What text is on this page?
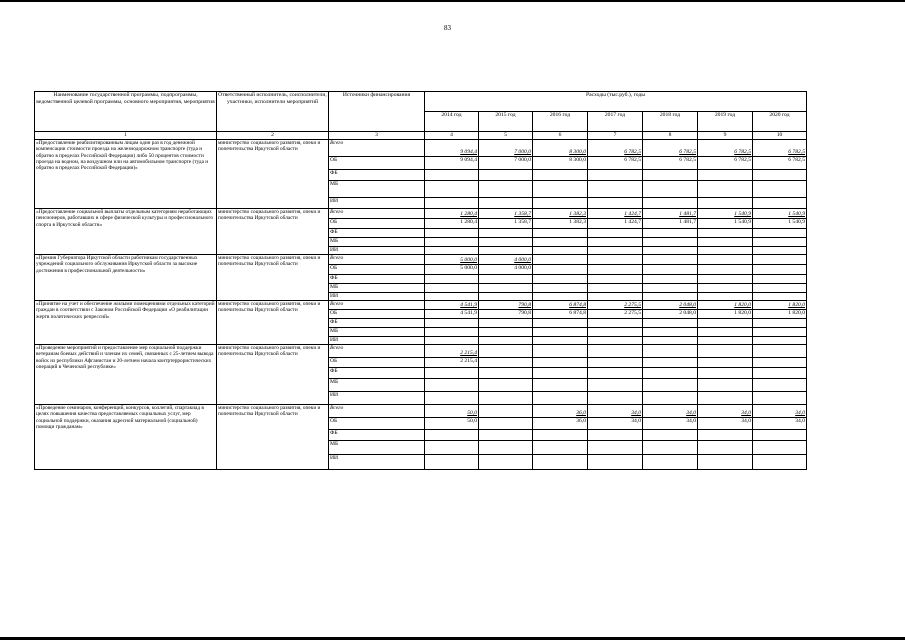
83
Наименование государственной программы, подпрограммы, ведомственной целевой программы, основного мероприятия, мероприятия	Ответственный исполнитель, соисполнители, участники, исполнители мероприятий	Источники финансирования	Расходы (тыс.руб.), годы						
			2014 год	2015 год	2016 год	2017 год	2018 год	2019 год	2020 год
1	2	3	4	5	6	7	8	9	10
«Предоставление реабилитированным лицам один раз в год денежной компенсации стоимости проезда на железнодорожном транспорте (туда и обратно в пределах Российской Федерации) либо 50 процентов стоимости проезда на водном, на воздушном или на автомобильном транспорте (туда и обратно в пределах Российской Федерации)»	министерство социального развития, опеки и попечительства Иркутской области	Всего	9 094,4	7 000,0	8 300,0	6 782,5	6 782,5	6 782,5	6 782,5
		ОБ	9 094,4	7 000,0	8 300,0	6 782,5	6 782,5	6 782,5	6 782,5
		ФБ							
		МБ							
		ИИ							
«Предоставление социальной выплаты отдельным категориям неработающих пенсионеров, работавших в сфере физической культуры и профессионального спорта в Иркутской области»	министерство социального развития, опеки и попечительства Иркутской области	Всего	1 280,4	1 358,7	1 382,3	1 424,7	1 481,7	1 540,9	1 540,9
		ОБ	1 280,4	1 358,7	1 382,3	1 424,7	1 481,7	1 540,9	1 540,9
		ФБ							
		МБ							
		ИИ							
«Премия Губернатора Иркутской области работникам государственных учреждений социального обслуживания Иркутской области за высокие достижения в профессиональной деятельности»	министерство социального развития, опеки и попечительства Иркутской области	Всего	5 000,0	4 000,0					
		ОБ	5 000,0	4 000,0					
		ФБ							
		МБ							
		ИИ							
«Принятие на учет и обеспечение жилыми помещениями отдельных категорий граждан в соответствии с Законом Российской Федерации «О реабилитации жертв политических репрессий»	министерство социального развития, опеки и попечительства Иркутской области	Всего	4 541,9	790,8	6 874,8	2 275,5	2 048,0	1 820,0	1 820,0
		ОБ	4 541,9	790,8	6 874,8	2 275,5	2 048,0	1 820,0	1 820,0
		ФБ							
		МБ							
		ИИ							
«Проведение мероприятий и предоставление мер социальной поддержки ветеранам боевых действий и членам их семей, связанных с 25-летием вывода войск из республики Афганистан и 20-летием начала контртеррористических операций в Чеченской республике»	министерство социального развития, опеки и попечительства Иркутской области	Всего	2 215,4						
		ОБ	2 215,4						
		ФБ							
		МБ							
		ИИ							
«Проведение семинаров, конференций, конкурсов, коллегий, спартакиад в целях повышения качества предоставляемых социальных услуг, мер социальной поддержки, оказания адресной материальной (социальной) помощи гражданам»	министерство социального развития, опеки и попечительства Иркутской области	Всего	50,0		36,0	34,0	34,0	34,0	34,0
		ОБ	50,0		36,0	34,0	34,0	34,0	34,0
		ФБ							
		МБ							
		ИИ							
